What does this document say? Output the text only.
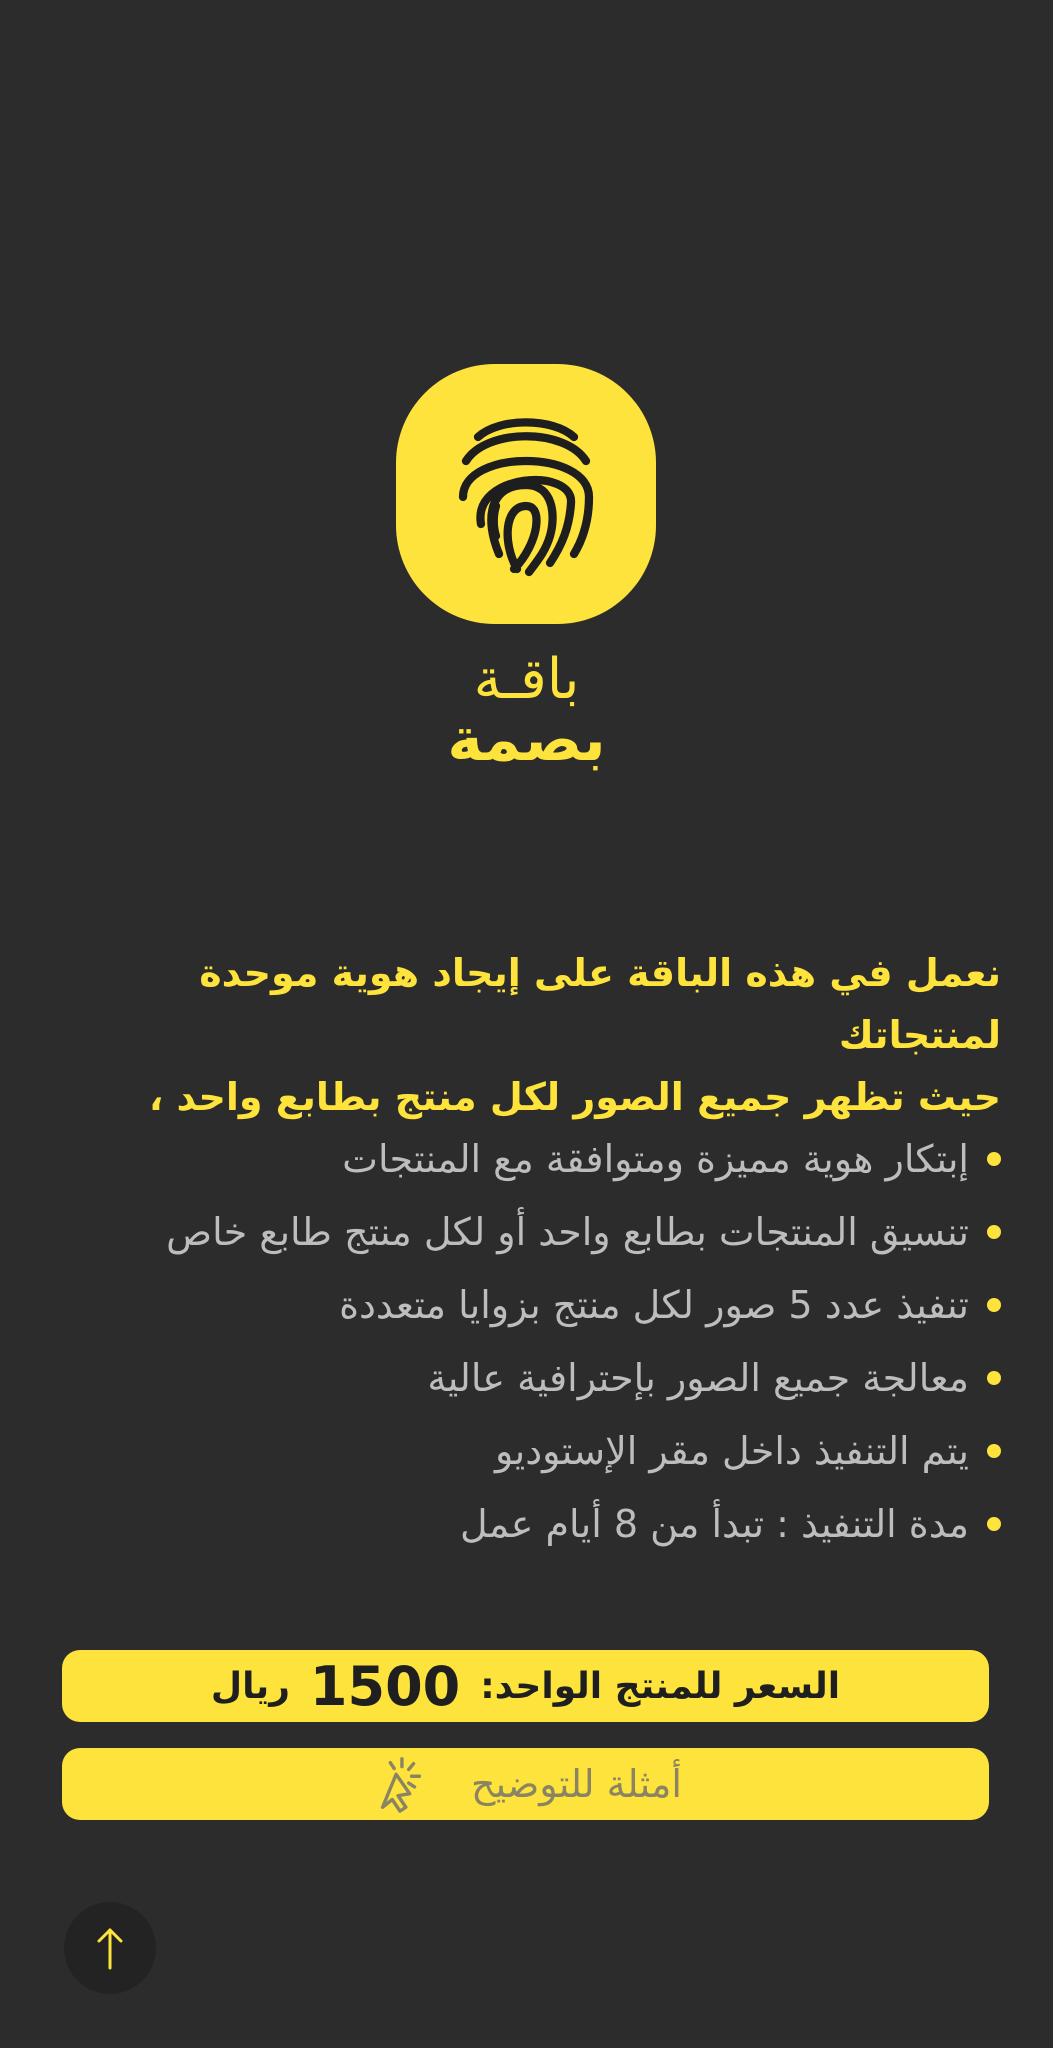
باقـة
بصمة
نعمل في هذه الباقة على إيجاد هوية موحدة لمنتجاتك
حيث تظهر جميع الصور لكل منتج بطابع واحد ،
إبتكار هوية مميزة ومتوافقة مع المنتجات
تنسيق المنتجات بطابع واحد أو لكل منتج طابع خاص
تنفيذ عدد 5 صور لكل منتج بزوايا متعددة
معالجة جميع الصور بإحترافية عالية
يتم التنفيذ داخل مقر الإستوديو
مدة التنفيذ : تبدأ من 8 أيام عمل
السعر للمنتج الواحد:
1500
ريال
أمثلة للتوضيح
